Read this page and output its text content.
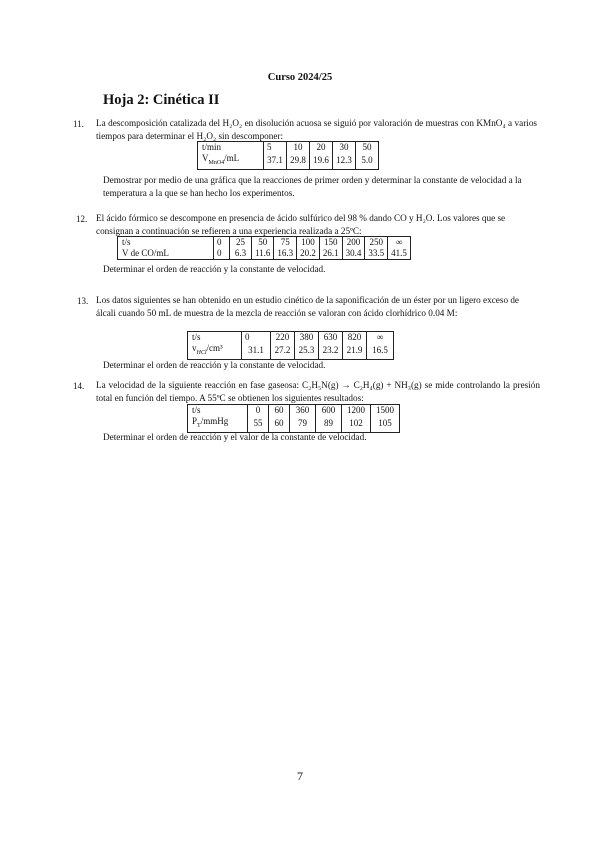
Curso 2024/25
Hoja 2: Cinética II
11. La descomposición catalizada del H₂O₂ en disolución acuosa se siguió por valoración de muestras con KMnO₄ a varios tiempos para determinar el H₂O₂ sin descomponer:
t/min	5	10	20	30	50
$V_{MnO4}/mL$	37.1	29.8	19.6	12.3	5.0
Demostrar por medio de una gráfica que la reacciones de primer orden y determinar la constante de velocidad a la temperatura a la que se han hecho los experimentos.
12. El ácido fórmico se descompone en presencia de ácido sulfúrico del 98 % dando CO y H₂O. Los valores que se consignan a continuación se refieren a una experiencia realizada a 25ºC:
t/s	0	25	50	75	100	150	200	250	∞
V de CO/mL	0	6.3	11.6	16.3	20.2	26.1	30.4	33.5	41.5
Determinar el orden de reacción y la constante de velocidad.
13. Los datos siguientes se han obtenido en un estudio cinético de la saponificación de un éster por un ligero exceso de álcali cuando 50 mL de muestra de la mezcla de reacción se valoran con ácido clorhídrico 0.04 M:
t/s	0	220	380	630	820	∞
$v_{HCl}$/cm³	31.1	27.2	25.3	23.2	21.9	16.5
Determinar el orden de reacción y la constante de velocidad.
14. La velocidad de la siguiente reacción en fase gaseosa: C₂H₅N(g) → C₂H₄(g) + NH₃(g) se mide controlando la presión total en función del tiempo. A 55ºC se obtienen los siguientes resultados:
t/s	0	60	360	600	1200	1500
$P_T$/mmHg	55	60	79	89	102	105
Determinar el orden de reacción y el valor de la constante de velocidad.
7
